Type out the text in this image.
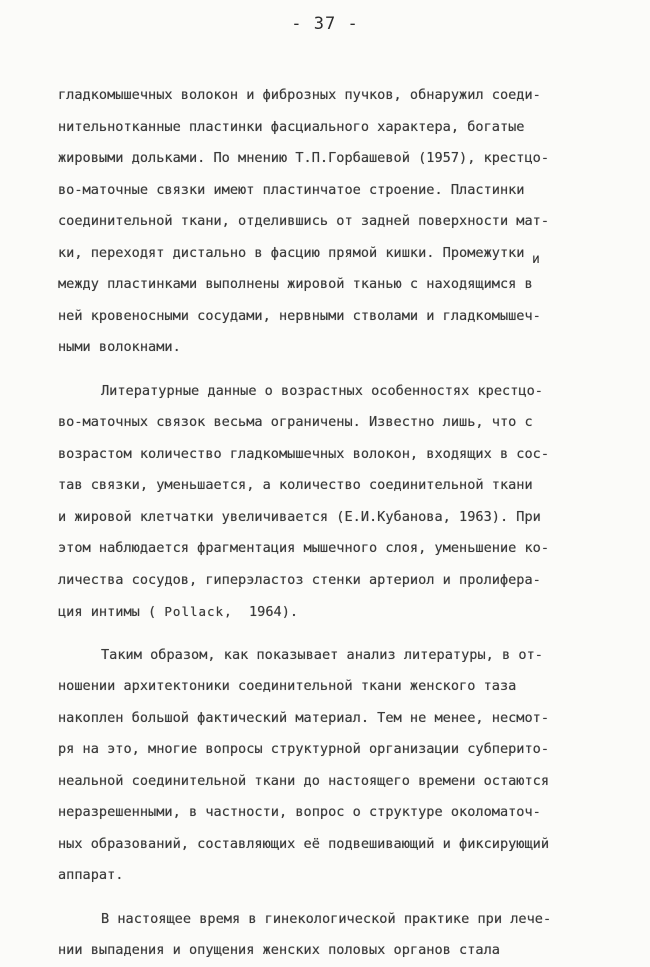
- 37 -
и
гладкомышечных волокон и фиброзных пучков, обнаружил соеди-
нительнотканные пластинки фасциального характера, богатые
жировыми дольками. По мнению Т.П.Горбашевой (1957), крестцо-
во-маточные связки имеют пластинчатое строение. Пластинки
соединительной ткани, отделившись от задней поверхности мат-
ки, переходят дистально в фасцию прямой кишки. Промежутки
между пластинками выполнены жировой тканью с находящимся в
ней кровеносными сосудами, нервными стволами и гладкомышеч-
ными волокнами.
Литературные данные о возрастных особенностях крестцо-
во-маточных связок весьма ограничены. Известно лишь, что с
возрастом количество гладкомышечных волокон, входящих в сос-
тав связки, уменьшается, а количество соединительной ткани
и жировой клетчатки увеличивается (Е.И.Кубанова, 1963). При
этом наблюдается фрагментация мышечного слоя, уменьшение ко-
личества сосудов, гиперэластоз стенки артериол и пролифера-
ция интимы ( Pollack,  1964).
Таким образом, как показывает анализ литературы, в от-
ношении архитектоники соединительной ткани женского таза
накоплен большой фактический материал. Тем не менее, несмот-
ря на это, многие вопросы структурной организации субперито-
неальной соединительной ткани до настоящего времени остаются
неразрешенными, в частности, вопрос о структуре околоматоч-
ных образований, составляющих её подвешивающий и фиксирующий
аппарат.
В настоящее время в гинекологической практике при лече-
нии выпадения и опущения женских половых органов стала
